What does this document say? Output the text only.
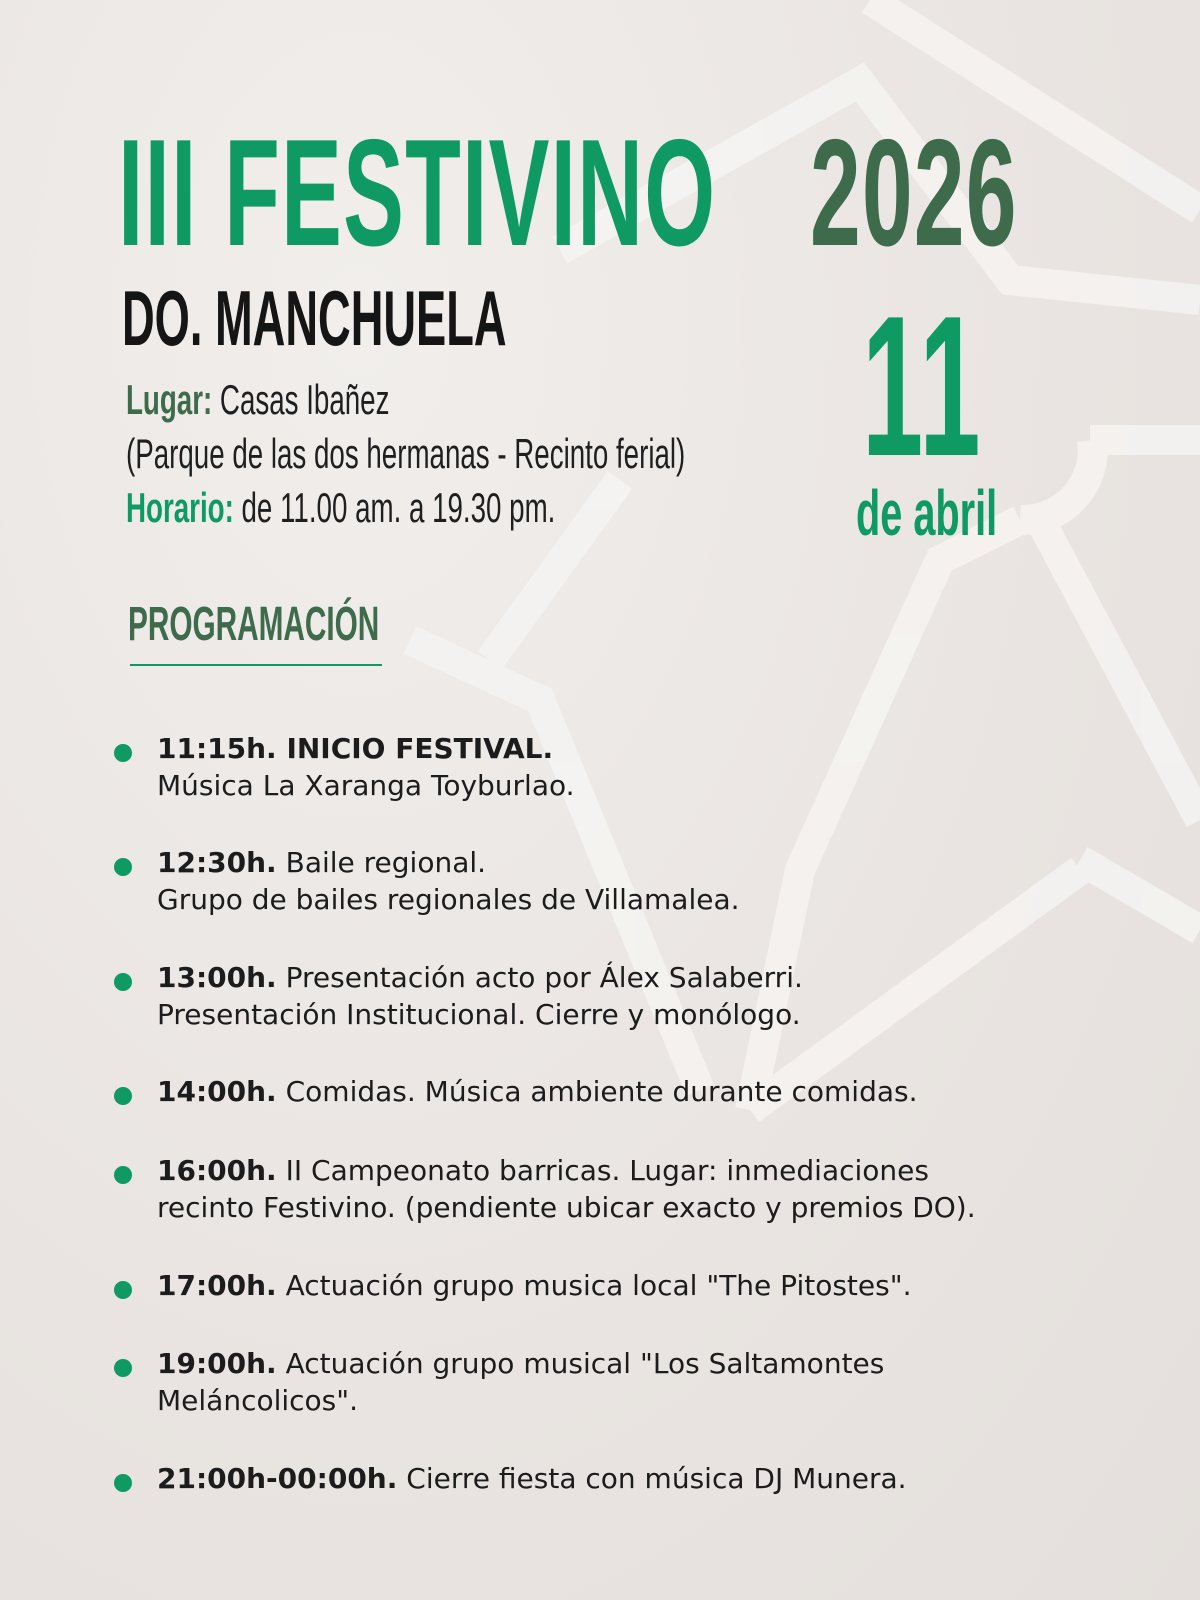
III FESTIVINO 2026
DO. MANCHUELA
Lugar: Casas Ibañez
(Parque de las dos hermanas - Recinto ferial)
Horario: de 11.00 am. a 19.30 pm.
11
de abril
PROGRAMACIÓN
11:15h. INICIO FESTIVAL.
Música La Xaranga Toyburlao.
12:30h. Baile regional.
Grupo de bailes regionales de Villamalea.
13:00h. Presentación acto por Álex Salaberri.
Presentación Institucional. Cierre y monólogo.
14:00h. Comidas. Música ambiente durante comidas.
16:00h. II Campeonato barricas. Lugar: inmediaciones
recinto Festivino. (pendiente ubicar exacto y premios DO).
17:00h. Actuación grupo musica local "The Pitostes".
19:00h. Actuación grupo musical "Los Saltamontes
Meláncolicos".
21:00h-00:00h. Cierre fiesta con música DJ Munera.
